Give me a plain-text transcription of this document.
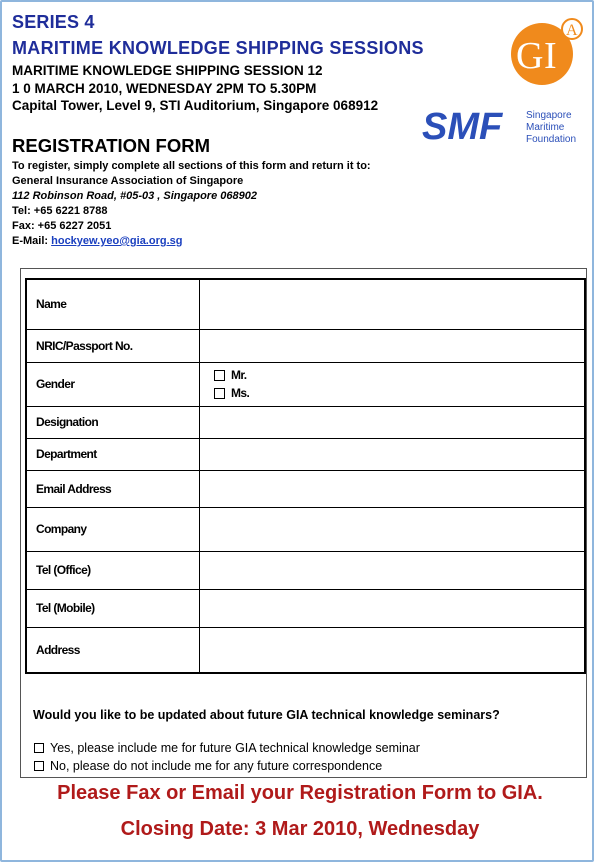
SERIES 4
MARITIME KNOWLEDGE SHIPPING SESSIONS
MARITIME KNOWLEDGE SHIPPING SESSION 12
1 0 MARCH 2010, WEDNESDAY 2PM TO 5.30PM
Capital Tower, Level 9, STI Auditorium, Singapore 068912
G I
A
SMF Singapore
Maritime
Foundation
REGISTRATION FORM
To register, simply complete all sections of this form and return it to:
General Insurance Association of Singapore
112 Robinson Road, #05-03 , Singapore 068902
Tel: +65 6221 8788
Fax: +65 6227 2051
E-Mail: hockyew.yeo@gia.org.sg
Name	
NRIC/Passport No.	
Gender	Mr.
Ms.

Designation	
Department	
Email Address	
Company	
Tel (Office)	
Tel (Mobile)	
Address	
Would you like to be updated about future GIA technical knowledge seminars?
Yes, please include me for future GIA technical knowledge seminar
No, please do not include me for any future correspondence
Please Fax or Email your Registration Form to GIA.
Closing Date: 3 Mar 2010, Wednesday
